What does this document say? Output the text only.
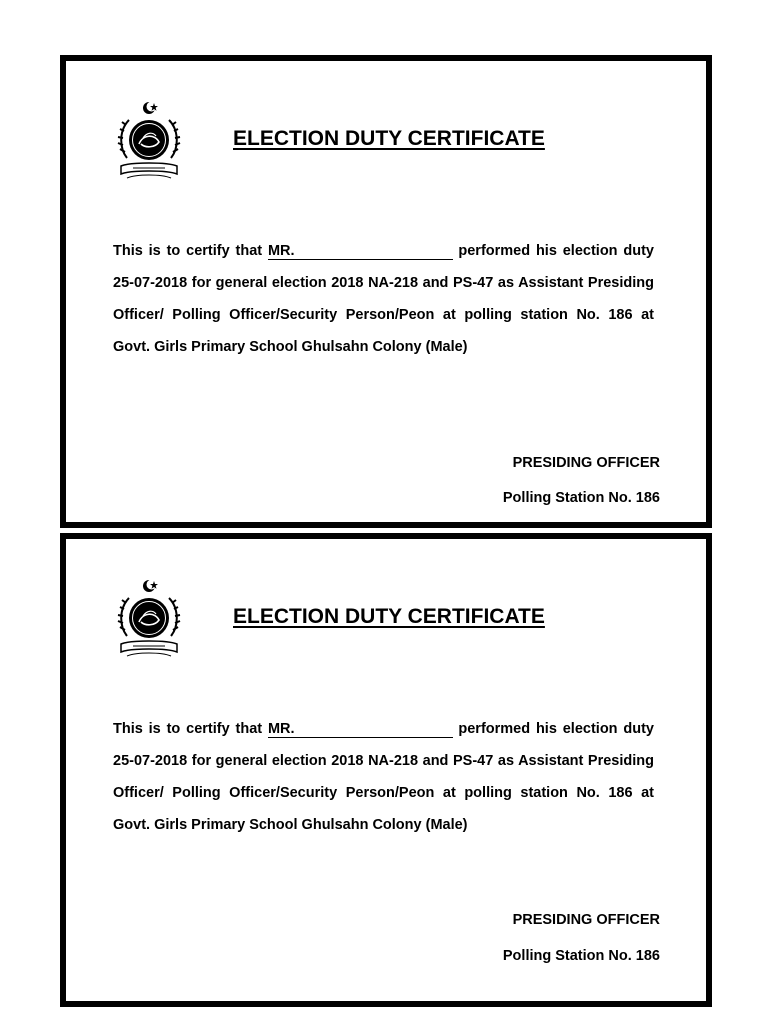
ELECTION DUTY CERTIFICATE

This is to certify that MR.	performed his election duty 25-07-2018 for general election 2018 NA-218 and PS-47 as Assistant Presiding Officer/ Polling Officer/Security Person/Peon at polling station No. 186 at Govt. Girls Primary School Ghulsahn Colony (Male)

PRESIDING OFFICER
Polling Station No. 186
ELECTION DUTY CERTIFICATE

This is to certify that MR.	performed his election duty 25-07-2018 for general election 2018 NA-218 and PS-47 as Assistant Presiding Officer/ Polling Officer/Security Person/Peon at polling station No. 186 at Govt. Girls Primary School Ghulsahn Colony (Male)

PRESIDING OFFICER
Polling Station No. 186
